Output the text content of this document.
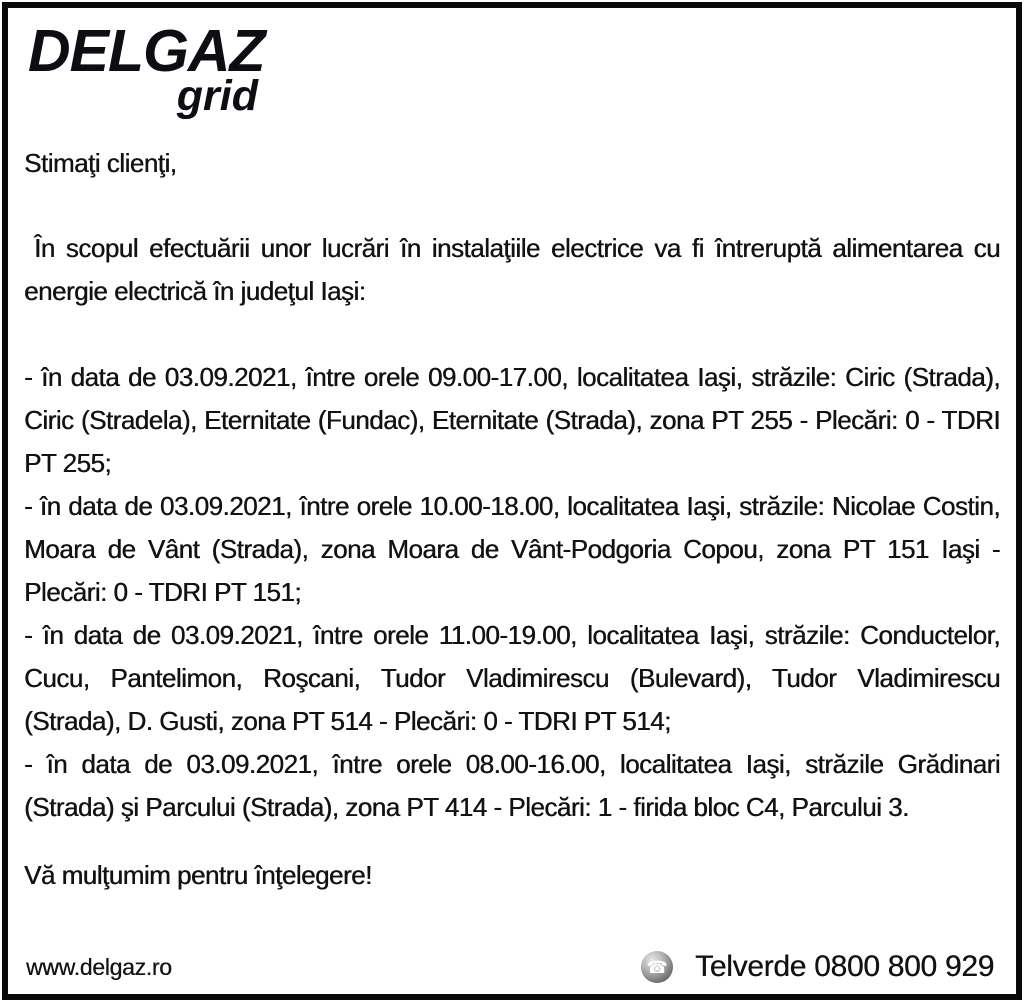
DELGAZ
grid

Stimaţi clienţi,

În scopul efectuării unor lucrări în instalaţiile electrice va fi întreruptă alimentarea cu energie electrică în judeţul Iaşi:

- în data de 03.09.2021, între orele 09.00-17.00, localitatea Iaşi, străzile: Ciric (Strada), Ciric (Stradela), Eternitate (Fundac), Eternitate (Strada), zona PT 255 - Plecări: 0 - TDRI PT 255;

- în data de 03.09.2021, între orele 10.00-18.00, localitatea Iaşi, străzile: Nicolae Costin, Moara de Vânt (Strada), zona Moara de Vânt-Podgoria Copou, zona PT 151 Iaşi - Plecări: 0 - TDRI PT 151;

- în data de 03.09.2021, între orele 11.00-19.00, localitatea Iaşi, străzile: Conductelor, Cucu, Pantelimon, Roşcani, Tudor Vladimirescu (Bulevard), Tudor Vladimirescu (Strada), D. Gusti, zona PT 514 - Plecări: 0 - TDRI PT 514;

- în data de 03.09.2021, între orele 08.00-16.00, localitatea Iaşi, străzile Grădinari (Strada) şi Parcului (Strada), zona PT 414 - Plecări: 1 - firida bloc C4, Parcului 3.

Vă mulţumim pentru înţelegere!

www.delgaz.ro	☎ Telverde 0800 800 929
